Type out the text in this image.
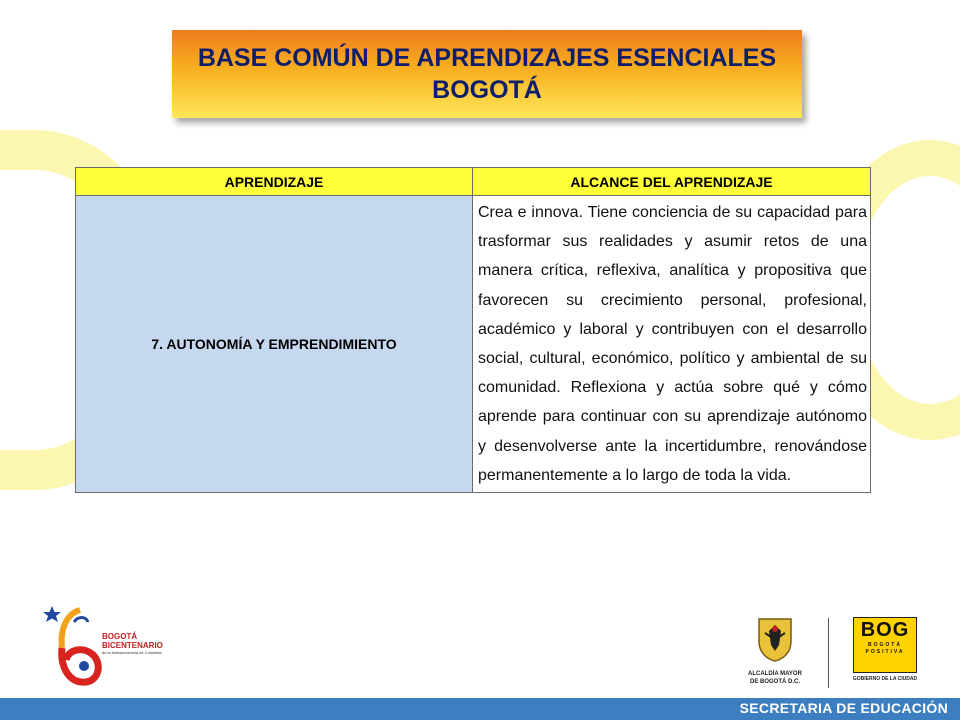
BASE COMÚN DE APRENDIZAJES ESENCIALES
BOGOTÁ
APRENDIZAJE	ALCANCE DEL APRENDIZAJE
7. AUTONOMÍA Y EMPRENDIMIENTO	Crea e innova. Tiene conciencia de su capacidad para trasformar sus realidades y asumir retos de una manera crítica, reflexiva, analítica y propositiva que favorecen su crecimiento personal, profesional, académico y laboral y contribuyen con el desarrollo social, cultural, económico, político y ambiental de su comunidad. Reflexiona y actúa sobre qué y cómo aprende para continuar con su aprendizaje autónomo y desenvolverse ante la incertidumbre, renovándose permanentemente a lo largo de toda la vida.
BOGOTÁ
BICENTENARIO
de la Independencia de Colombia
ALCALDÍA MAYOR
DE BOGOTÁ D.C.
BOG
BOGOTÁ
POSITIVA
GOBIERNO DE LA CIUDAD
SECRETARIA DE EDUCACIÓN
